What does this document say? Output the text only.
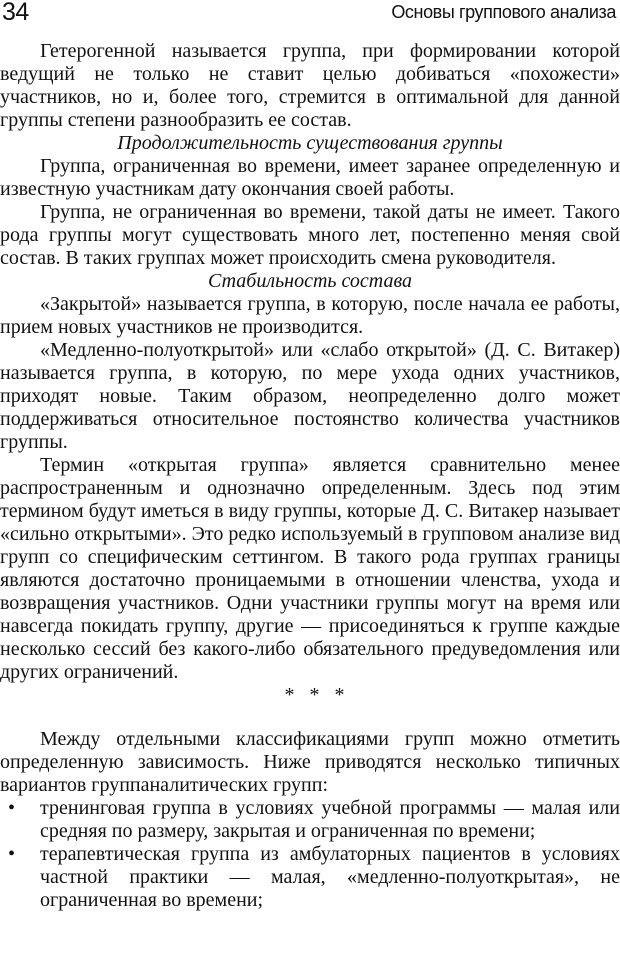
34	Основы группового анализа

Гетерогенной называется группа, при формировании которой ведущий не только не ставит целью добиваться «похожести» участников, но и, более того, стремится в оптимальной для данной группы степени разнообразить ее состав.

Продолжительность существования группы

Группа, ограниченная во времени, имеет заранее определенную и известную участникам дату окончания своей работы.

Группа, не ограниченная во времени, такой даты не имеет. Такого рода группы могут существовать много лет, постепенно меняя свой состав. В таких группах может происходить смена руководителя.

Стабильность состава

«Закрытой» называется группа, в которую, после начала ее работы, прием новых участников не производится.

«Медленно-полуоткрытой» или «слабо открытой» (Д. С. Витакер) называется группа, в которую, по мере ухода одних участников, приходят новые. Таким образом, неопределенно долго может поддерживаться относительное постоянство количества участников группы.

Термин «открытая группа» является сравнительно менее распространенным и однозначно определенным. Здесь под этим термином будут иметься в виду группы, которые Д. С. Витакер называет «сильно открытыми». Это редко используемый в групповом анализе вид групп со специфическим сеттингом. В такого рода группах границы являются достаточно проницаемыми в отношении членства, ухода и возвращения участников. Одни участники группы могут на время или навсегда покидать группу, другие — присоединяться к группе каждые несколько сессий без какого-либо обязательного предуведомления или других ограничений.

* * *

Между отдельными классификациями групп можно отметить определенную зависимость. Ниже приводятся несколько типичных вариантов группаналитических групп:

• тренинговая группа в условиях учебной программы — малая или средняя по размеру, закрытая и ограниченная по времени;
• терапевтическая группа из амбулаторных пациентов в условиях частной практики — малая, «медленно-полуоткрытая», не ограниченная во времени;
